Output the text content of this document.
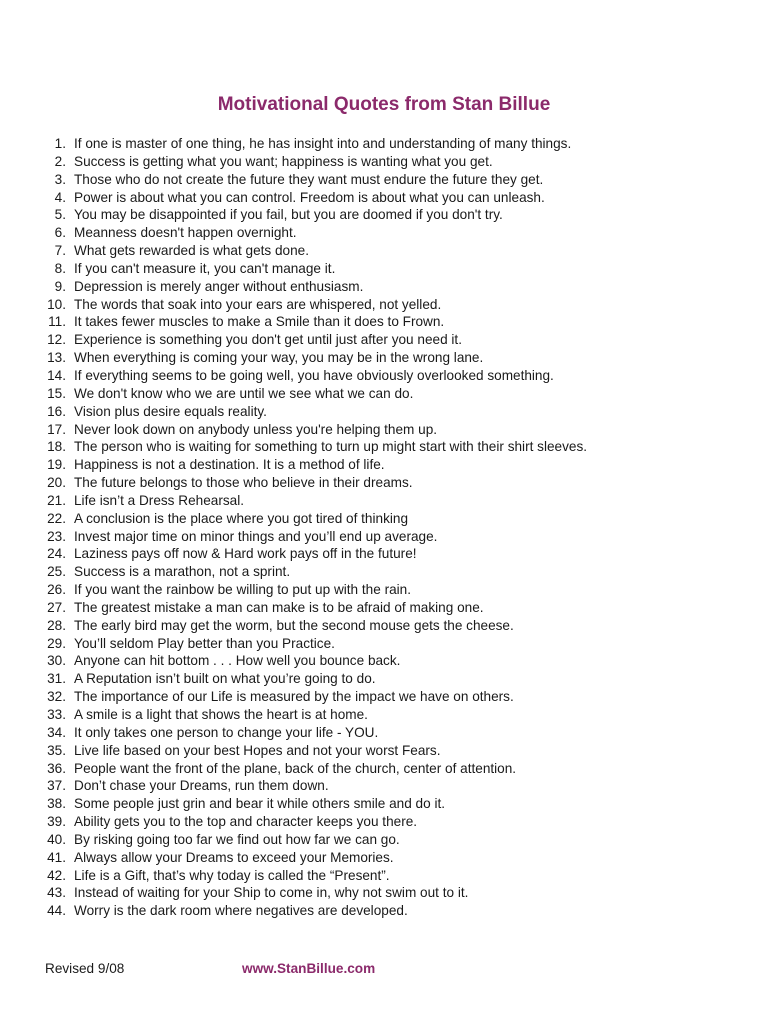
Motivational Quotes from Stan Billue
1. If one is master of one thing, he has insight into and understanding of many things.
2. Success is getting what you want; happiness is wanting what you get.
3. Those who do not create the future they want must endure the future they get.
4. Power is about what you can control. Freedom is about what you can unleash.
5. You may be disappointed if you fail, but you are doomed if you don't try.
6. Meanness doesn't happen overnight.
7. What gets rewarded is what gets done.
8. If you can't measure it, you can't manage it.
9. Depression is merely anger without enthusiasm.
10. The words that soak into your ears are whispered, not yelled.
11. It takes fewer muscles to make a Smile than it does to Frown.
12. Experience is something you don't get until just after you need it.
13. When everything is coming your way, you may be in the wrong lane.
14. If everything seems to be going well, you have obviously overlooked something.
15. We don't know who we are until we see what we can do.
16. Vision plus desire equals reality.
17. Never look down on anybody unless you're helping them up.
18. The person who is waiting for something to turn up might start with their shirt sleeves.
19. Happiness is not a destination. It is a method of life.
20. The future belongs to those who believe in their dreams.
21. Life isn’t a Dress Rehearsal.
22. A conclusion is the place where you got tired of thinking
23. Invest major time on minor things and you’ll end up average.
24. Laziness pays off now & Hard work pays off in the future!
25. Success is a marathon, not a sprint.
26. If you want the rainbow be willing to put up with the rain.
27. The greatest mistake a man can make is to be afraid of making one.
28. The early bird may get the worm, but the second mouse gets the cheese.
29. You’ll seldom Play better than you Practice.
30. Anyone can hit bottom . . . How well you bounce back.
31. A Reputation isn’t built on what you’re going to do.
32. The importance of our Life is measured by the impact we have on others.
33. A smile is a light that shows the heart is at home.
34. It only takes one person to change your life - YOU.
35. Live life based on your best Hopes and not your worst Fears.
36. People want the front of the plane, back of the church, center of attention.
37. Don’t chase your Dreams, run them down.
38. Some people just grin and bear it while others smile and do it.
39. Ability gets you to the top and character keeps you there.
40. By risking going too far we find out how far we can go.
41. Always allow your Dreams to exceed your Memories.
42. Life is a Gift, that’s why today is called the “Present”.
43. Instead of waiting for your Ship to come in, why not swim out to it.
44. Worry is the dark room where negatives are developed.
Revised 9/08	www.StanBillue.com
